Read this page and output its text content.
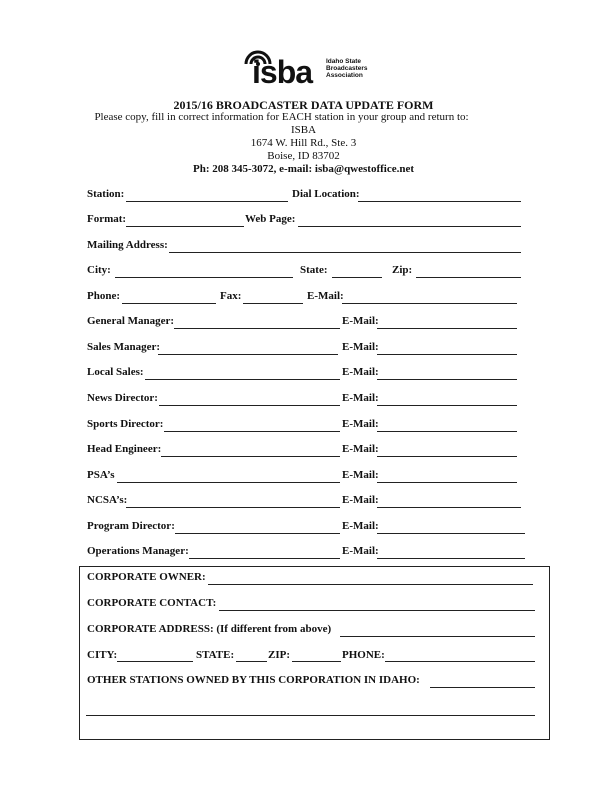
isba Idaho State
Broadcasters
Association
2015/16 BROADCASTER DATA UPDATE FORM
Please copy, fill in correct information for EACH station in your group and return to:
ISBA
1674 W. Hill Rd., Ste. 3
Boise, ID 83702
Ph: 208 345-3072, e-mail: isba@qwestoffice.net
Station:	Dial Location:
Format:	Web Page:
Mailing Address:
City:	State:	Zip:
Phone:	Fax:	E-Mail:
General Manager:	E-Mail:
Sales Manager:	E-Mail:
Local Sales:	E-Mail:
News Director:	E-Mail:
Sports Director:	E-Mail:
Head Engineer:	E-Mail:
PSA’s	E-Mail:
NCSA’s:	E-Mail:
Program Director:	E-Mail:
Operations Manager:	E-Mail:
CORPORATE OWNER:
CORPORATE CONTACT:
CORPORATE ADDRESS: (If different from above)
CITY:	STATE:	ZIP:	PHONE:
OTHER STATIONS OWNED BY THIS CORPORATION IN IDAHO:
